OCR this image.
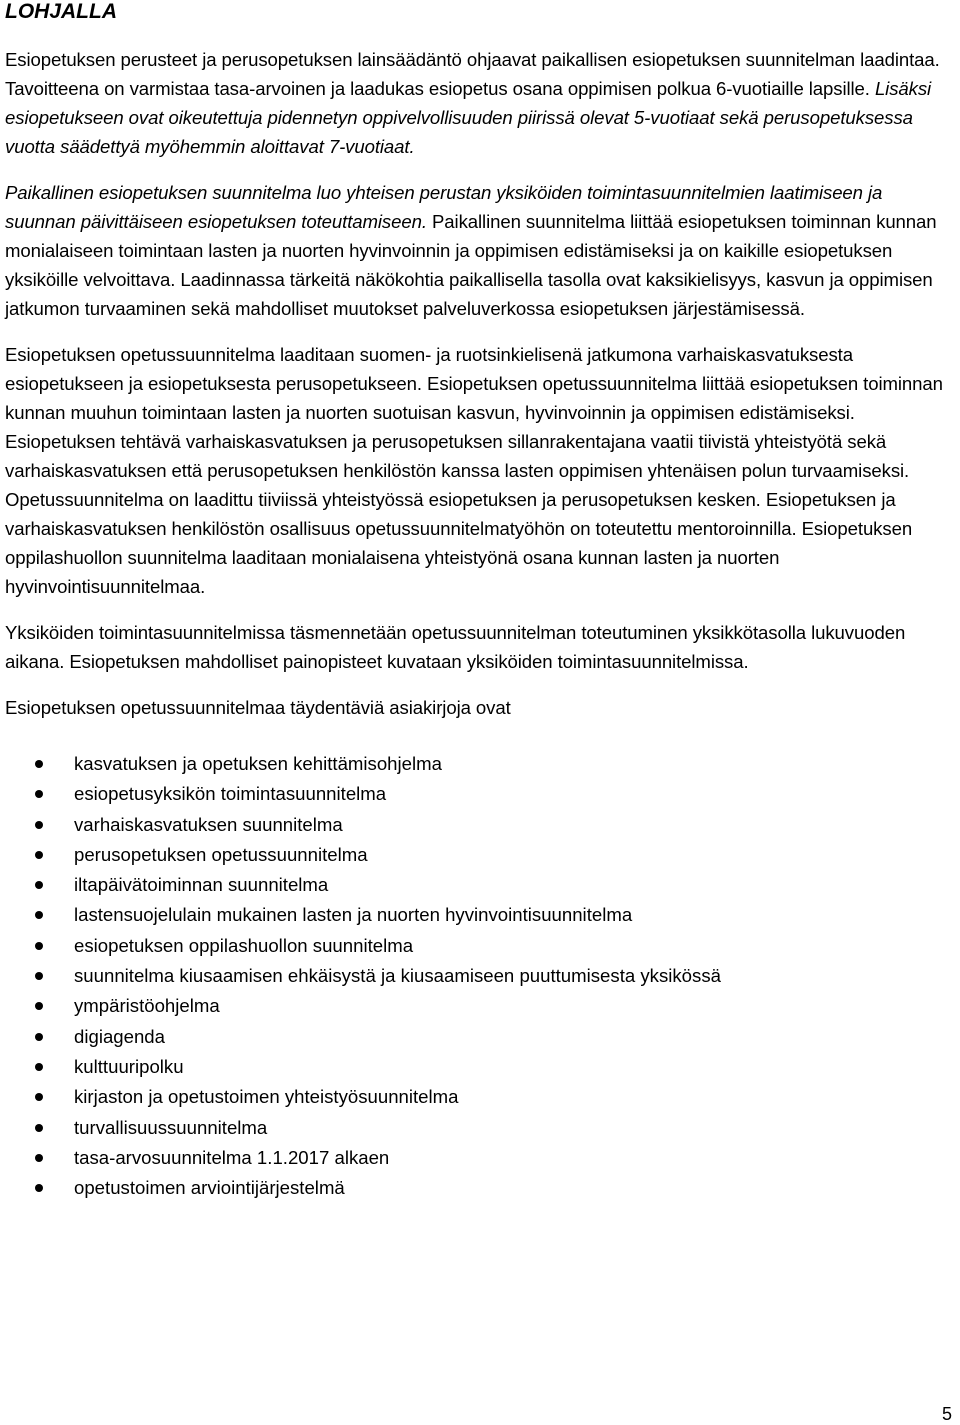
LOHJALLA

Esiopetuksen perusteet ja perusopetuksen lainsäädäntö ohjaavat paikallisen esiopetuksen suunnitelman laadintaa. Tavoitteena on varmistaa tasa-arvoinen ja laadukas esiopetus osana oppimisen polkua 6-vuotiaille lapsille. Lisäksi esiopetukseen ovat oikeutettuja pidennetyn oppivelvollisuuden piirissä olevat 5-vuotiaat sekä perusopetuksessa vuotta säädettyä myöhemmin aloittavat 7-vuotiaat.

Paikallinen esiopetuksen suunnitelma luo yhteisen perustan yksiköiden toimintasuunnitelmien laatimiseen ja suunnan päivittäiseen esiopetuksen toteuttamiseen. Paikallinen suunnitelma liittää esiopetuksen toiminnan kunnan monialaiseen toimintaan lasten ja nuorten hyvinvoinnin ja oppimisen edistämiseksi ja on kaikille esiopetuksen yksiköille velvoittava. Laadinnassa tärkeitä näkökohtia paikallisella tasolla ovat kaksikielisyys, kasvun ja oppimisen jatkumon turvaaminen sekä mahdolliset muutokset palveluverkossa esiopetuksen järjestämisessä.

Esiopetuksen opetussuunnitelma laaditaan suomen- ja ruotsinkielisenä jatkumona varhaiskasvatuksesta esiopetukseen ja esiopetuksesta perusopetukseen. Esiopetuksen opetussuunnitelma liittää esiopetuksen toiminnan kunnan muuhun toimintaan lasten ja nuorten suotuisan kasvun, hyvinvoinnin ja oppimisen edistämiseksi. Esiopetuksen tehtävä varhaiskasvatuksen ja perusopetuksen sillanrakentajana vaatii tiivistä yhteistyötä sekä varhaiskasvatuksen että perusopetuksen henkilöstön kanssa lasten oppimisen yhtenäisen polun turvaamiseksi. Opetussuunnitelma on laadittu tiiviissä yhteistyössä esiopetuksen ja perusopetuksen kesken. Esiopetuksen ja varhaiskasvatuksen henkilöstön osallisuus opetussuunnitelmatyöhön on toteutettu mentoroinnilla. Esiopetuksen oppilashuollon suunnitelma laaditaan monialaisena yhteistyönä osana kunnan lasten ja nuorten hyvinvointisuunnitelmaa.

Yksiköiden toimintasuunnitelmissa täsmennetään opetussuunnitelman toteutuminen yksikkötasolla lukuvuoden aikana. Esiopetuksen mahdolliset painopisteet kuvataan yksiköiden toimintasuunnitelmissa.

Esiopetuksen opetussuunnitelmaa täydentäviä asiakirjoja ovat

kasvatuksen ja opetuksen kehittämisohjelma
esiopetusyksikön toimintasuunnitelma
varhaiskasvatuksen suunnitelma
perusopetuksen opetussuunnitelma
iltapäivätoiminnan suunnitelma
lastensuojelulain mukainen lasten ja nuorten hyvinvointisuunnitelma
esiopetuksen oppilashuollon suunnitelma
suunnitelma kiusaamisen ehkäisystä ja kiusaamiseen puuttumisesta yksikössä
ympäristöohjelma
digiagenda
kulttuuripolku
kirjaston ja opetustoimen yhteistyösuunnitelma
turvallisuussuunnitelma
tasa-arvosuunnitelma 1.1.2017 alkaen
opetustoimen arviointijärjestelmä
5
